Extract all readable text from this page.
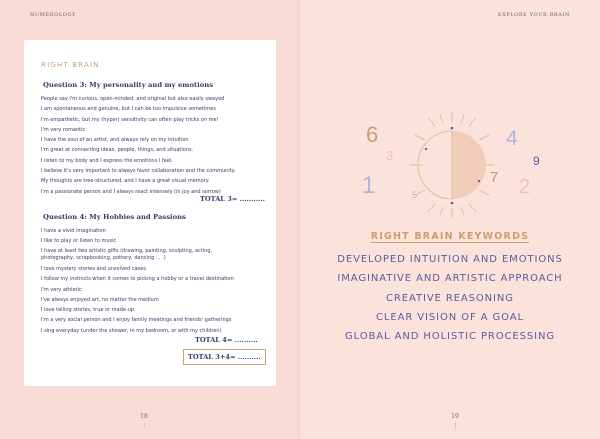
NUMEROLOGY
RIGHT BRAIN
Question 3: My personality and my emotions
People say I'm curious, open-minded, and original but also easily swayed
I am spontaneous and genuine, but I can be too impulsive sometimes
I'm empathetic, but my (hyper) sensitivity can often play tricks on me!
I'm very romantic
I have the soul of an artist, and always rely on my intuition
I'm great at connecting ideas, people, things, and situations.
I listen to my body and I express the emotions I feel.
I believe it's very important to always favor collaboration and the community.
My thoughts are tree-structured, and I have a great visual memory.
I'm a passionate person and I always react intensely (in joy and sorrow)
TOTAL 3= ...........
Question 4: My Hobbies and Passions
I have a vivid imagination
I like to play or listen to music
I have at least two artistic gifts (drawing, painting, sculpting, acting, photography, scrapbooking, pottery, dancing . . .)
I love mystery stories and unsolved cases.
I follow my instincts when it comes to picking a hobby or a travel destination
I'm very athletic
I've always enjoyed art, no matter the medium
I love telling stories, true or made-up
I'm a very social person and I enjoy family meetings and friends' gatherings
I sing everyday (under the shower, in my bedroom, or with my children)
TOTAL 4= ..........
TOTAL 3+4= ..........
18
EXPLORE YOUR BRAIN
6
3
1	5
4
7
9
2
RIGHT BRAIN KEYWORDS
DEVELOPED INTUITION AND EMOTIONS
IMAGINATIVE AND ARTISTIC APPROACH
CREATIVE REASONING
CLEAR VISION OF A GOAL
GLOBAL AND HOLISTIC PROCESSING
19
